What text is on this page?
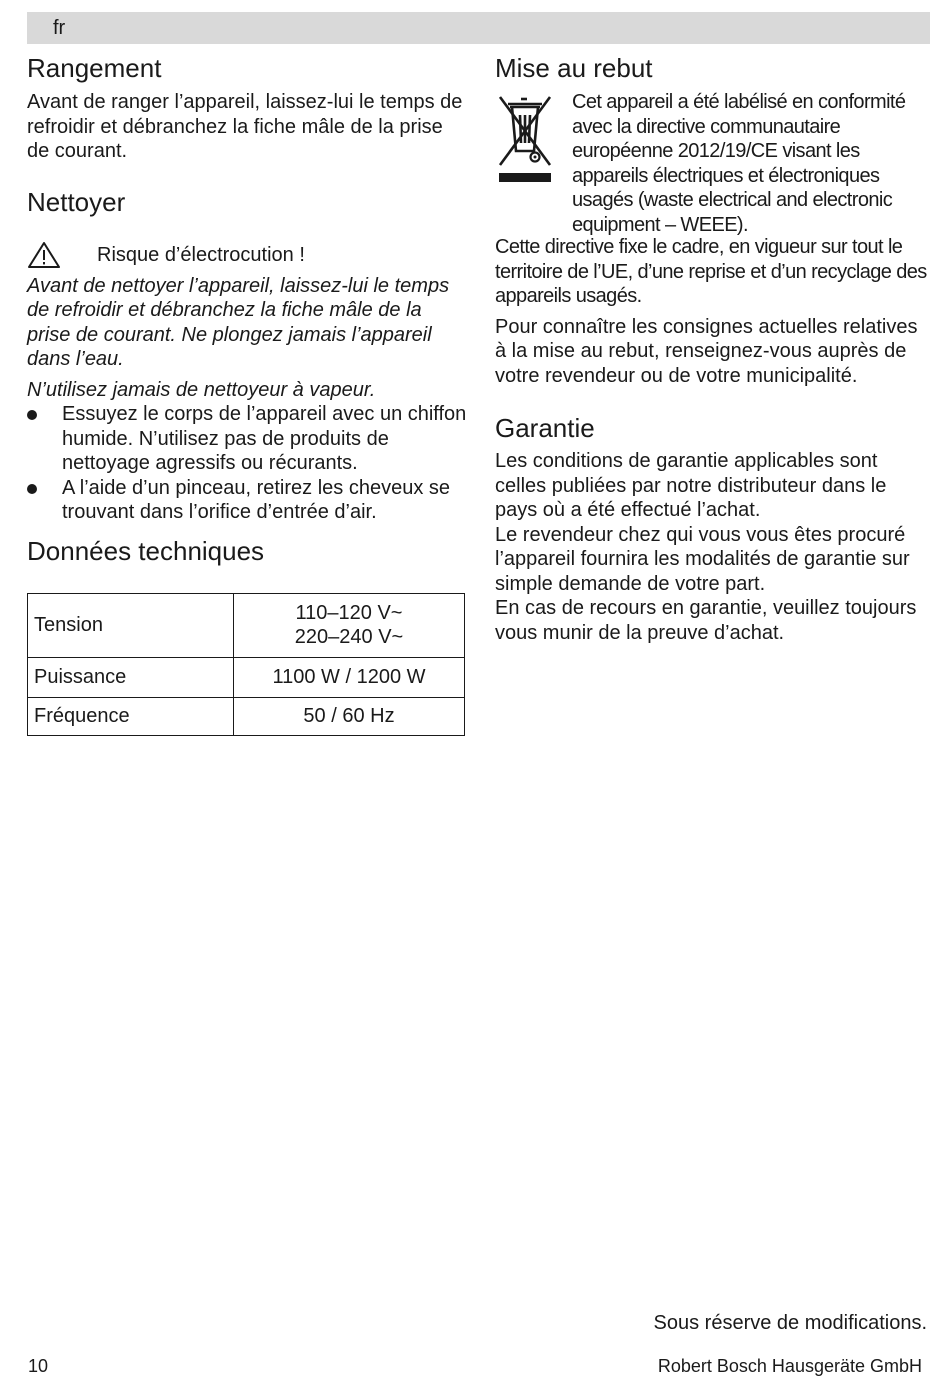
fr
Rangement

Avant de ranger l’appareil, laissez-lui le temps de refroidir et débranchez la fiche mâle de la prise de courant.

Nettoyer
Risque d’électrocution !

Avant de nettoyer l’appareil, laissez-lui le temps de refroidir et débranchez la fiche mâle de la prise de courant. Ne plongez jamais l’appareil dans l’eau.

N’utilisez jamais de nettoyeur à vapeur.

Essuyez le corps de l’appareil avec un chiffon humide. N’utilisez pas de produits de nettoyage agressifs ou récurants.
A l’aide d’un pinceau, retirez les cheveux se trouvant dans l’orifice d’entrée d’air.
Données techniques
Tension	110–120 V~
220–240 V~

Puissance	1100 W / 1200 W
Fréquence	50 / 60 Hz
Mise au rebut

Cet appareil a été labélisé en conformité avec la directive communautaire européenne 2012/19/CE visant les appareils électriques et électroniques usagés (waste electrical and electronic equipment – WEEE).

Cette directive fixe le cadre, en vigueur sur tout le territoire de l’UE, d’une reprise et d’un recyclage des appareils usagés.

Pour connaître les consignes actuelles relatives à la mise au rebut, renseignez-vous auprès de votre revendeur ou de votre municipalité.

Garantie

Les conditions de garantie applicables sont celles publiées par notre distributeur dans le pays où a été effectué l’achat.

Le revendeur chez qui vous vous êtes procuré l’appareil fournira les modalités de garantie sur simple demande de votre part.

En cas de recours en garantie, veuillez toujours vous munir de la preuve d’achat.

Sous réserve de modifications.
10	Robert Bosch Hausgeräte GmbH
